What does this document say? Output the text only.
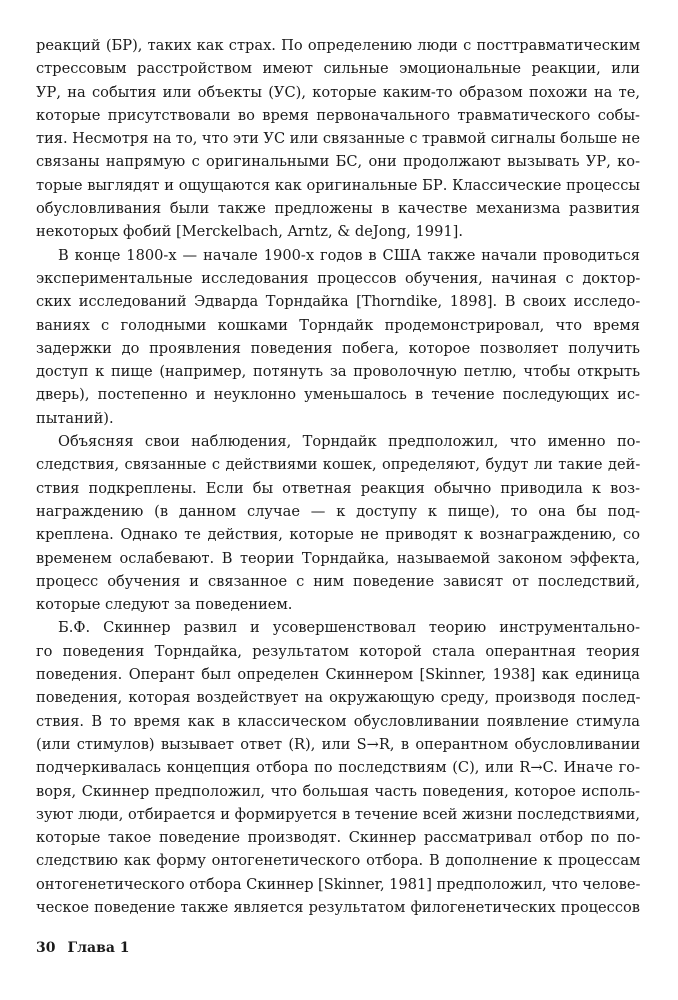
реакций (БР), таких как страх. По определению люди с посттравматическим
стрессовым расстройством имеют сильные эмоциональные реакции, или
УР, на события или объекты (УС), которые каким-то образом похожи на те,
которые присутствовали во время первоначального травматического собы-
тия. Несмотря на то, что эти УС или связанные с травмой сигналы больше не
связаны напрямую с оригинальными БС, они продолжают вызывать УР, ко-
торые выглядят и ощущаются как оригинальные БР. Классические процессы
обусловливания были также предложены в качестве механизма развития
некоторых фобий [Merckelbach, Arntz, & deJong, 1991].
В конце 1800-х — начале 1900-х годов в США также начали проводиться
экспериментальные исследования процессов обучения, начиная с доктор-
ских исследований Эдварда Торндайка [Thorndike, 1898]. В своих исследо-
ваниях с голодными кошками Торндайк продемонстрировал, что время
задержки до проявления поведения побега, которое позволяет получить
доступ к пище (например, потянуть за проволочную петлю, чтобы открыть
дверь), постепенно и неуклонно уменьшалось в течение последующих ис-
пытаний).
Объясняя свои наблюдения, Торндайк предположил, что именно по-
следствия, связанные с действиями кошек, определяют, будут ли такие дей-
ствия подкреплены. Если бы ответная реакция обычно приводила к воз-
награждению (в данном случае — к доступу к пище), то она бы под-
креплена. Однако те действия, которые не приводят к вознаграждению, со
временем ослабевают. В теории Торндайка, называемой законом эффекта,
процесс обучения и связанное с ним поведение зависят от последствий,
которые следуют за поведением.
Б.Ф. Скиннер развил и усовершенствовал теорию инструментально-
го поведения Торндайка, результатом которой стала оперантная теория
поведения. Оперант был определен Скиннером [Skinner, 1938] как единица
поведения, которая воздействует на окружающую среду, производя послед-
ствия. В то время как в классическом обусловливании появление стимула
(или стимулов) вызывает ответ (R), или S→R, в оперантном обусловливании
подчеркивалась концепция отбора по последствиям (C), или R→C. Иначе го-
воря, Скиннер предположил, что большая часть поведения, которое исполь-
зуют люди, отбирается и формируется в течение всей жизни последствиями,
которые такое поведение производят. Скиннер рассматривал отбор по по-
следствию как форму онтогенетического отбора. В дополнение к процессам
онтогенетического отбора Скиннер [Skinner, 1981] предположил, что челове-
ческое поведение также является результатом филогенетических процессов
30 Глава 1
